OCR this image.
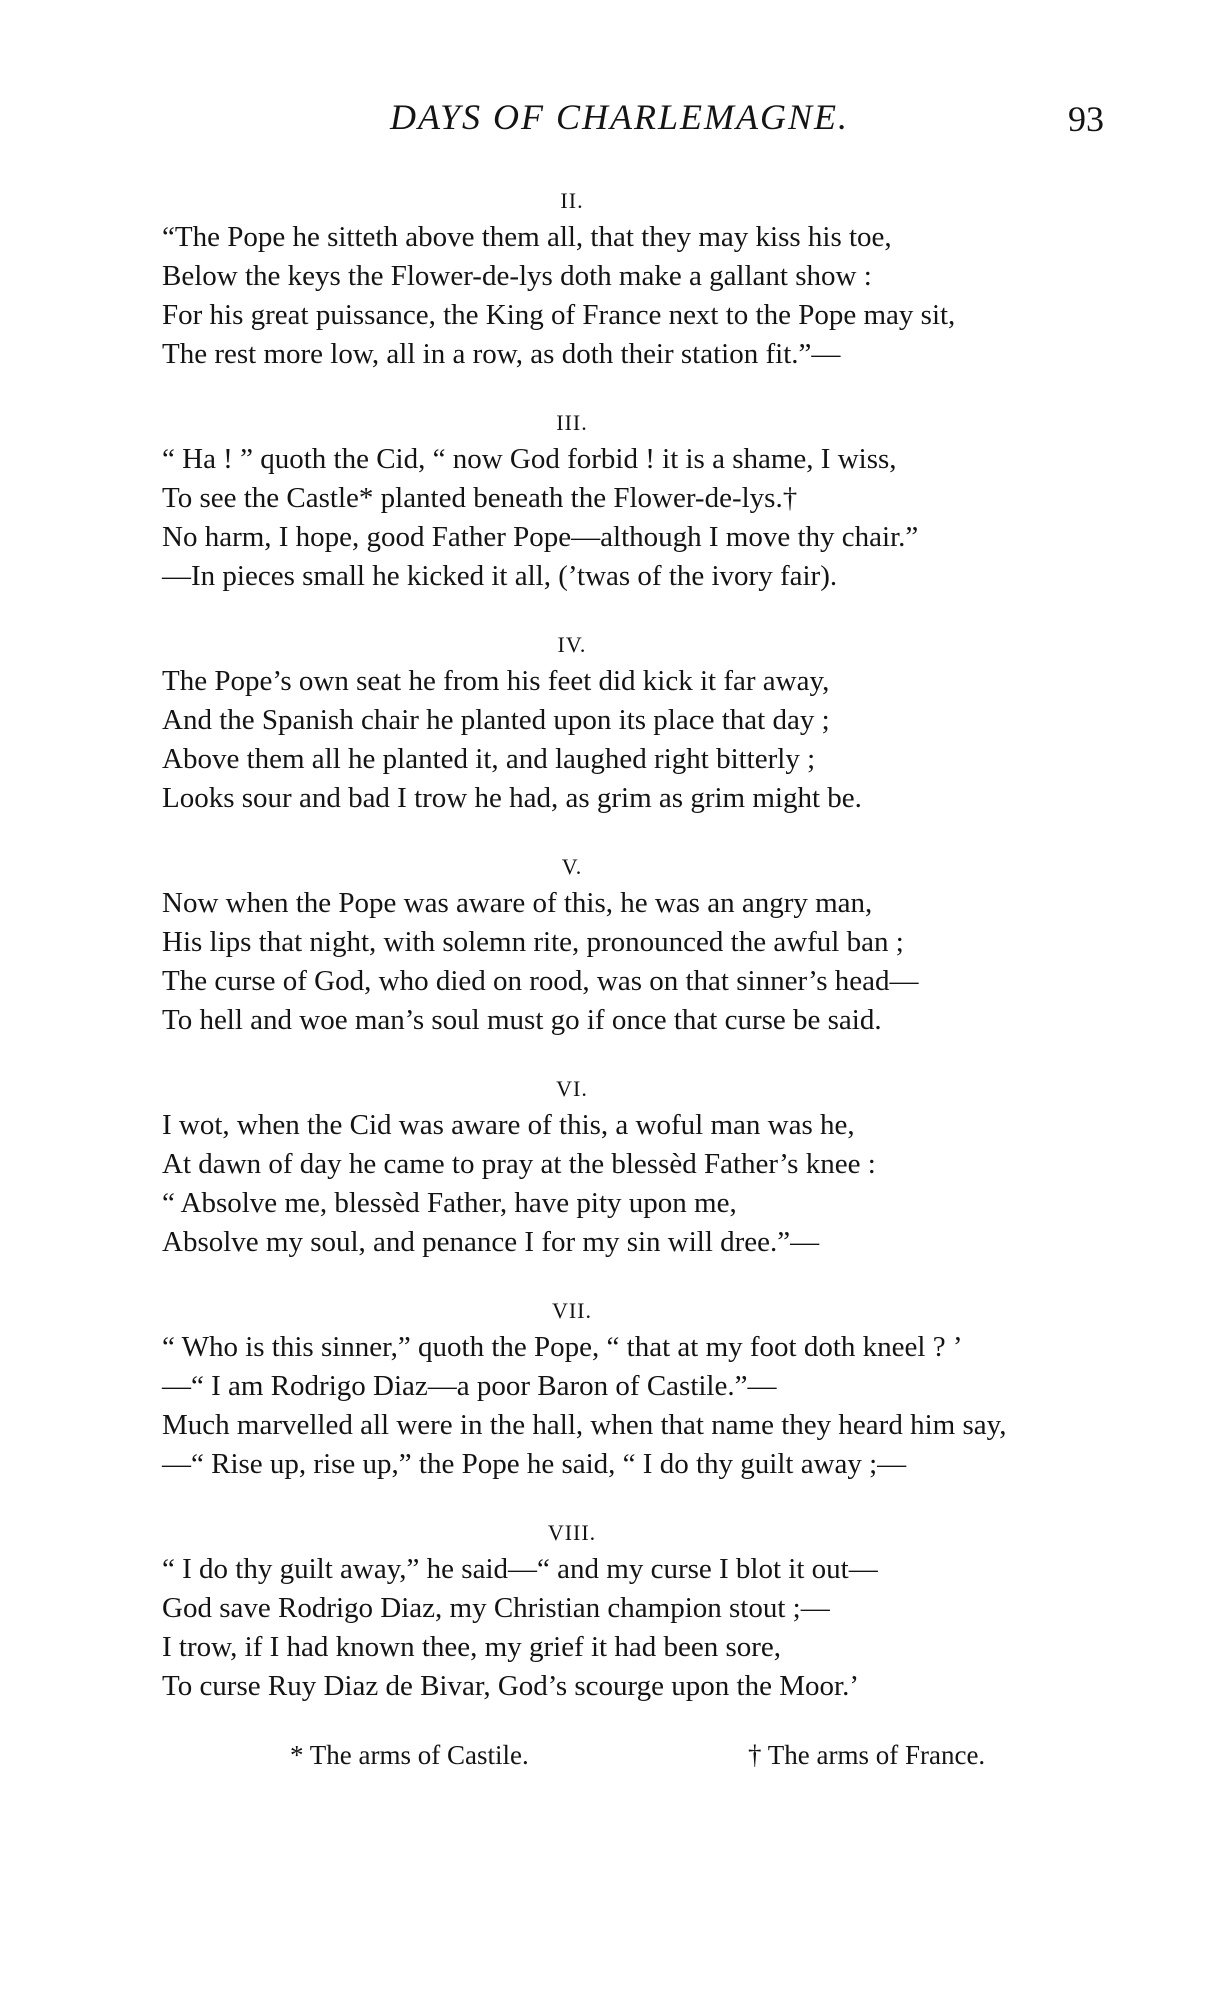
DAYS OF CHARLEMAGNE.	93
II.
“The Pope he sitteth above them all, that they may kiss his toe,
Below the keys the Flower-de-lys doth make a gallant show :
For his great puissance, the King of France next to the Pope may sit,
The rest more low, all in a row, as doth their station fit.”—
III.
“ Ha ! ” quoth the Cid, “ now God forbid ! it is a shame, I wiss,
To see the Castle* planted beneath the Flower-de-lys.†
No harm, I hope, good Father Pope—although I move thy chair.”
—In pieces small he kicked it all, (’twas of the ivory fair).
IV.
The Pope’s own seat he from his feet did kick it far away,
And the Spanish chair he planted upon its place that day ;
Above them all he planted it, and laughed right bitterly ;
Looks sour and bad I trow he had, as grim as grim might be.
V.
Now when the Pope was aware of this, he was an angry man,
His lips that night, with solemn rite, pronounced the awful ban ;
The curse of God, who died on rood, was on that sinner’s head—
To hell and woe man’s soul must go if once that curse be said.
VI.
I wot, when the Cid was aware of this, a woful man was he,
At dawn of day he came to pray at the blessèd Father’s knee :
“ Absolve me, blessèd Father, have pity upon me,
Absolve my soul, and penance I for my sin will dree.”—
VII.
“ Who is this sinner,” quoth the Pope, “ that at my foot doth kneel ? ’
—“ I am Rodrigo Diaz—a poor Baron of Castile.”—
Much marvelled all were in the hall, when that name they heard him say,
—“ Rise up, rise up,” the Pope he said, “ I do thy guilt away ;—
VIII.
“ I do thy guilt away,” he said—“ and my curse I blot it out—
God save Rodrigo Diaz, my Christian champion stout ;—
I trow, if I had known thee, my grief it had been sore,
To curse Ruy Diaz de Bivar, God’s scourge upon the Moor.’
* The arms of Castile.	† The arms of France.
